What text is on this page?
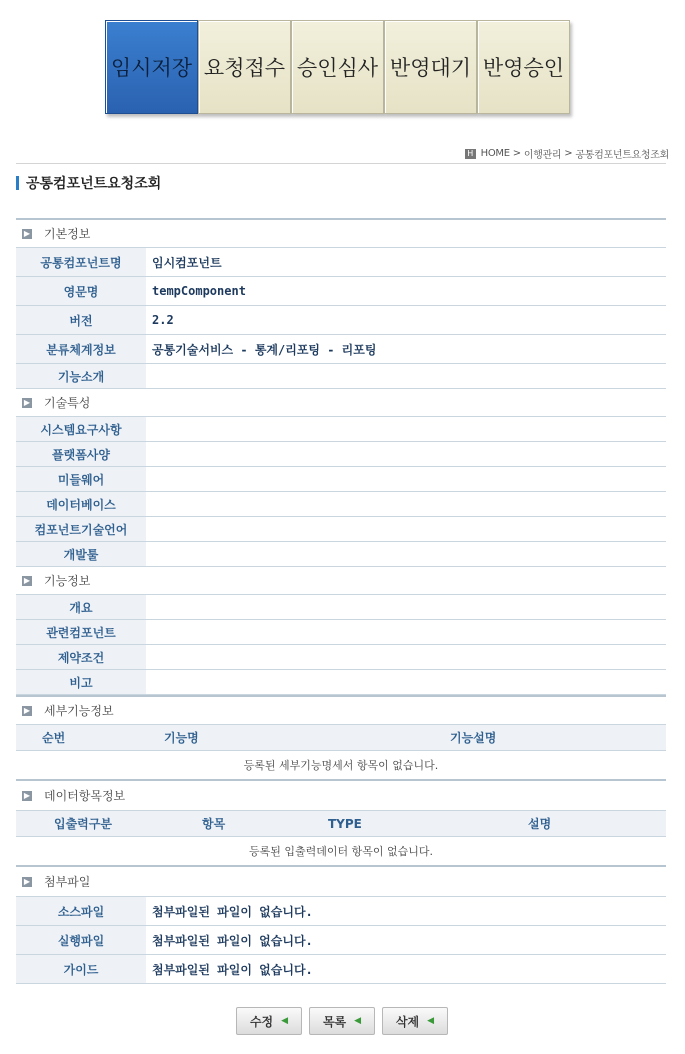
임시저장 요청접수 승인심사 반영대기 반영승인
H HOME > 이행관리 > 공통컴포넌트요청조회
공통컴포넌트요청조회
▶ 기본정보
공통컴포넌트명	임시컴포넌트
영문명	tempComponent
버전	2.2
분류체계정보	공통기술서비스 - 통계/리포팅 - 리포팅
기능소개
▶ 기술특성
시스템요구사항
플랫폼사양
미들웨어
데이터베이스
컴포넌트기술언어
개발툴
▶ 기능정보
개요
관련컴포넌트
제약조건
비고
▶ 세부기능정보
순번	기능명	기능설명
등록된 세부기능명세서 항목이 없습니다.
▶ 데이터항목정보
입출력구분	항목	TYPE	설명
등록된 입출력데이터 항목이 없습니다.
▶ 첨부파일
소스파일	첨부파일된 파일이 없습니다.
실행파일	첨부파일된 파일이 없습니다.
가이드	첨부파일된 파일이 없습니다.
수정 ◀	목록 ◀	삭제 ◀
